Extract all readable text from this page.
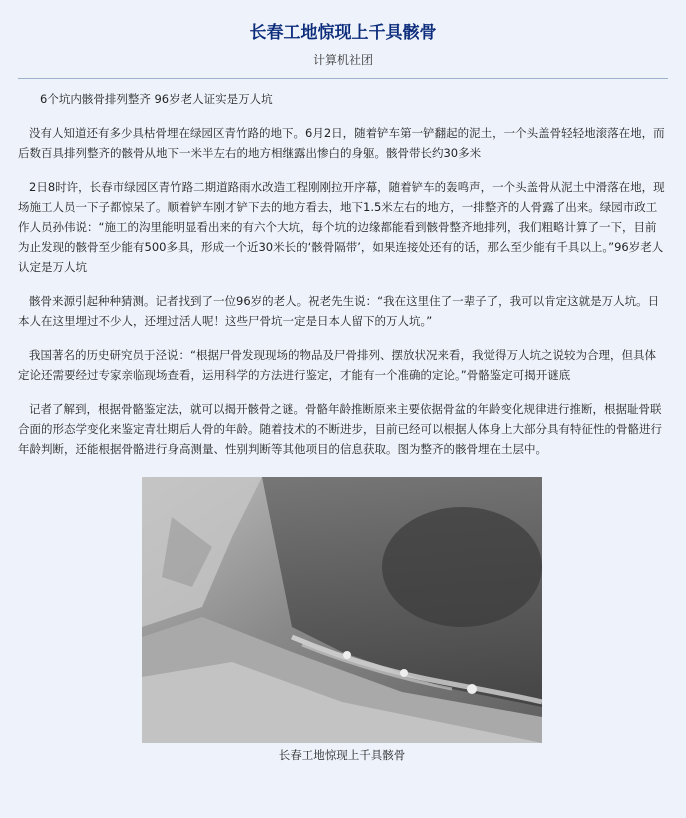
长春工地惊现上千具骸骨
计算机社团
6个坑内骸骨排列整齐 96岁老人证实是万人坑
没有人知道还有多少具枯骨埋在绿园区青竹路的地下。6月2日，随着铲车第一铲翻起的泥土，一个头盖骨轻轻地滚落在地，而后数百具排列整齐的骸骨从地下一米半左右的地方相继露出惨白的身躯。骸骨带长约30多米
2日8时许，长春市绿园区青竹路二期道路雨水改造工程刚刚拉开序幕，随着铲车的轰鸣声，一个头盖骨从泥土中滑落在地，现场施工人员一下子都惊呆了。顺着铲车刚才铲下去的地方看去，地下1.5米左右的地方，一排整齐的人骨露了出来。绿园市政工作人员孙伟说：“施工的沟里能明显看出来的有六个大坑，每个坑的边缘都能看到骸骨整齐地排列，我们粗略计算了一下，目前为止发现的骸骨至少能有500多具，形成一个近30米长的‘骸骨隔带’，如果连接处还有的话，那么至少能有千具以上。”96岁老人认定是万人坑
骸骨来源引起种种猜测。记者找到了一位96岁的老人。祝老先生说：“我在这里住了一辈子了，我可以肯定这就是万人坑。日本人在这里埋过不少人，还埋过活人呢！这些尸骨坑一定是日本人留下的万人坑。”
我国著名的历史研究员于泾说：“根据尸骨发现现场的物品及尸骨排列、摆放状况来看，我觉得万人坑之说较为合理，但具体定论还需要经过专家亲临现场查看，运用科学的方法进行鉴定，才能有一个准确的定论。”骨骼鉴定可揭开谜底
记者了解到，根据骨骼鉴定法，就可以揭开骸骨之谜。骨骼年龄推断原来主要依据骨盆的年龄变化规律进行推断，根据耻骨联合面的形态学变化来鉴定青壮期后人骨的年龄。随着技术的不断进步，目前已经可以根据人体身上大部分具有特征性的骨骼进行年龄判断，还能根据骨骼进行身高测量、性别判断等其他项目的信息获取。图为整齐的骸骨埋在土层中。
长春工地惊现上千具骸骨
